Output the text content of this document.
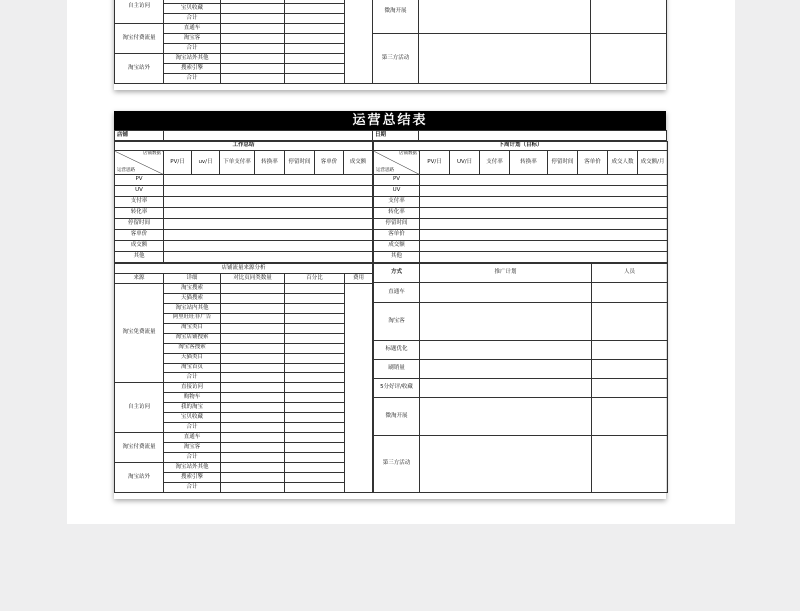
自主访问					微淘开展		
	宝贝收藏						
	合计						
淘宝付费流量	直通车						
	淘宝客				第三方活动		
	合计						
淘宝站外	淘宝站外其他						
	搜索引擎						
	合计						
运营总结表
店铺		日期	
工作总结							

店铺数据
运营思路	PV/日	uv/日	下单支付率	转换率	停留时间	客单价	成交额
PV							
UV							
支付率							
转化率							
停留时间							
客单价							
成交额							
其他							
下周计划（目标）								

店铺数据
运营思路	PV/日	UV/日	支付率	转换率	停留时间	客单价	成交人数	成交额/月
PV								
UV								
支付率								
转化率								
停留时间								
客单价								
成交额								
其他								
店铺流量来源分析				
来源	详细	对比页同类数量	百分比	费用
淘宝免费流量	淘宝搜索			
	天猫搜索			
	淘宝站内其他			
	阿里旺旺非广告			
	淘宝类目			
	淘宝店铺搜索			
	淘宝客搜索			
	天猫类目			
	淘宝首页			
	合计			
自主访问	直接访问			
	购物车			
	我的淘宝			
	宝贝收藏			
	合计			
淘宝付费流量	直通车			
	淘宝客			
	合计			
淘宝站外	淘宝站外其他			
	搜索引擎			
	合计			
方式	推广计划	人员
直通车		
淘宝客		
标题优化		
刷销量		
5分好评/收藏		
微淘开展		
第三方活动		
